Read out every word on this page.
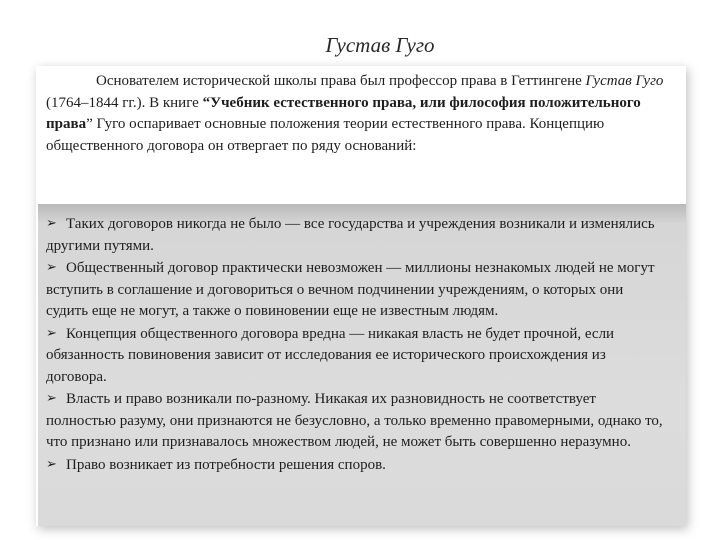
Густав Гуго
Основателем исторической школы права был профессор права в Геттингене Густав Гуго (1764–1844 гг.). В книге “Учебник естественного права, или философия положительного права” Гуго оспаривает основные положения теории естественного права. Концепцию общественного договора он отвергает по ряду оснований:

➢ Таких договоров никогда не было — все государства и учреждения возникали и изменялись другими путями.

➢ Общественный договор практически невозможен — миллионы незнакомых людей не могут вступить в соглашение и договориться о вечном подчинении учреждениям, о которых они судить еще не могут, а также о повиновении еще не известным людям.

➢ Концепция общественного договора вредна — никакая власть не будет прочной, если обязанность повиновения зависит от исследования ее исторического происхождения из договора.

➢ Власть и право возникали по-разному. Никакая их разновидность не соответствует полностью разуму, они признаются не безусловно, а только временно правомерными, однако то, что признано или признавалось множеством людей, не может быть совершенно неразумно.

➢ Право возникает из потребности решения споров.
